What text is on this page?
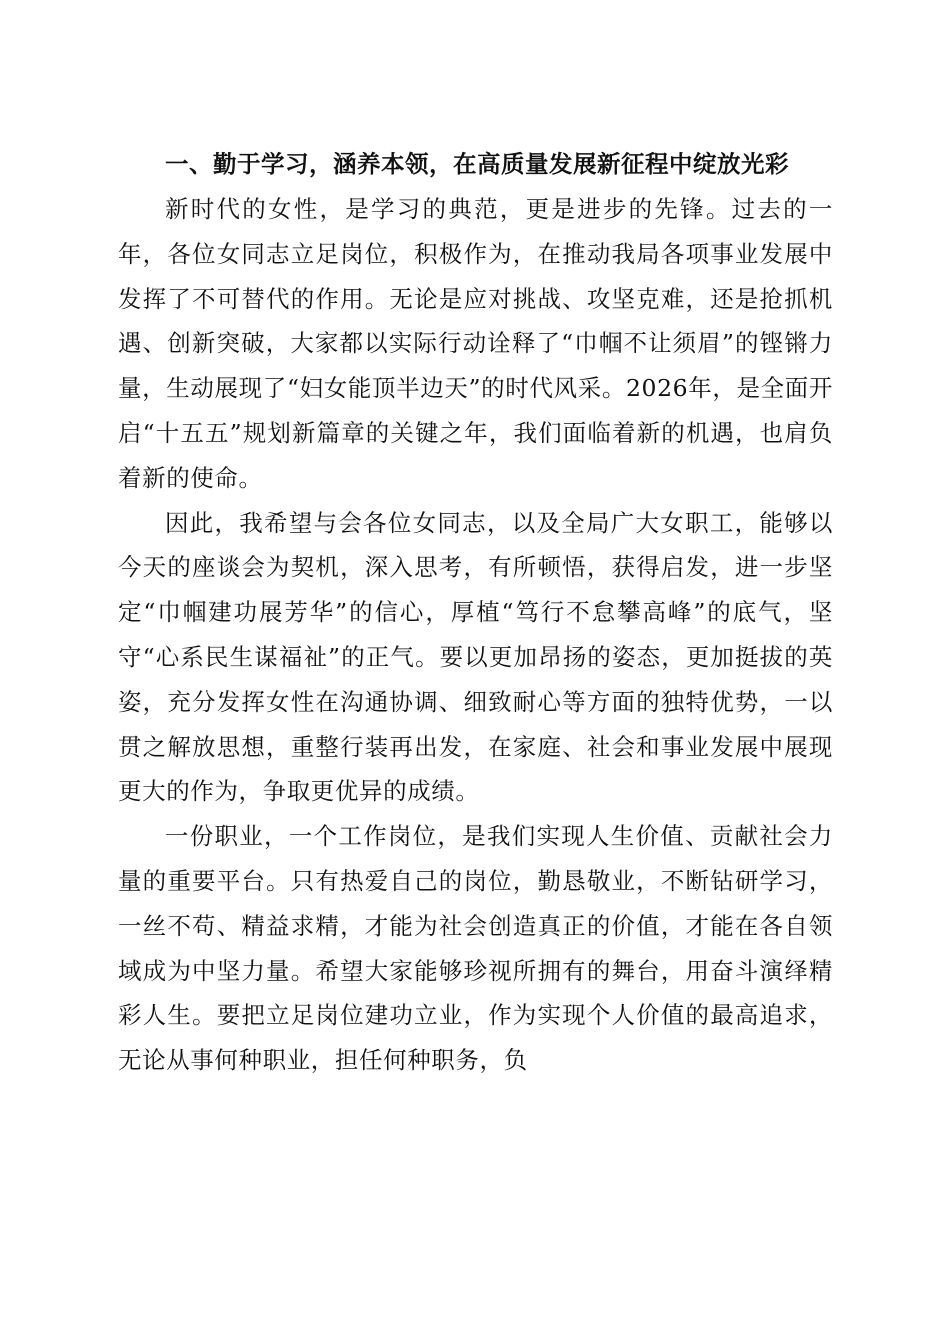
一、勤于学习，涵养本领，在高质量发展新征程中绽放光彩

新时代的女性，是学习的典范，更是进步的先锋。过去的一年，各位女同志立足岗位，积极作为，在推动我局各项事业发展中发挥了不可替代的作用。无论是应对挑战、攻坚克难，还是抢抓机遇、创新突破，大家都以实际行动诠释了“巾帼不让须眉”的铿锵力量，生动展现了“妇女能顶半边天”的时代风采。2026年，是全面开启“十五五”规划新篇章的关键之年，我们面临着新的机遇，也肩负着新的使命。

因此，我希望与会各位女同志，以及全局广大女职工，能够以今天的座谈会为契机，深入思考，有所顿悟，获得启发，进一步坚定“巾帼建功展芳华”的信心，厚植“笃行不怠攀高峰”的底气，坚守“心系民生谋福祉”的正气。要以更加昂扬的姿态，更加挺拔的英姿，充分发挥女性在沟通协调、细致耐心等方面的独特优势，一以贯之解放思想，重整行装再出发，在家庭、社会和事业发展中展现更大的作为，争取更优异的成绩。

一份职业，一个工作岗位，是我们实现人生价值、贡献社会力量的重要平台。只有热爱自己的岗位，勤恳敬业，不断钻研学习，一丝不苟、精益求精，才能为社会创造真正的价值，才能在各自领域成为中坚力量。希望大家能够珍视所拥有的舞台，用奋斗演绎精彩人生。要把立足岗位建功立业，作为实现个人价值的最高追求，无论从事何种职业，担任何种职务，负
